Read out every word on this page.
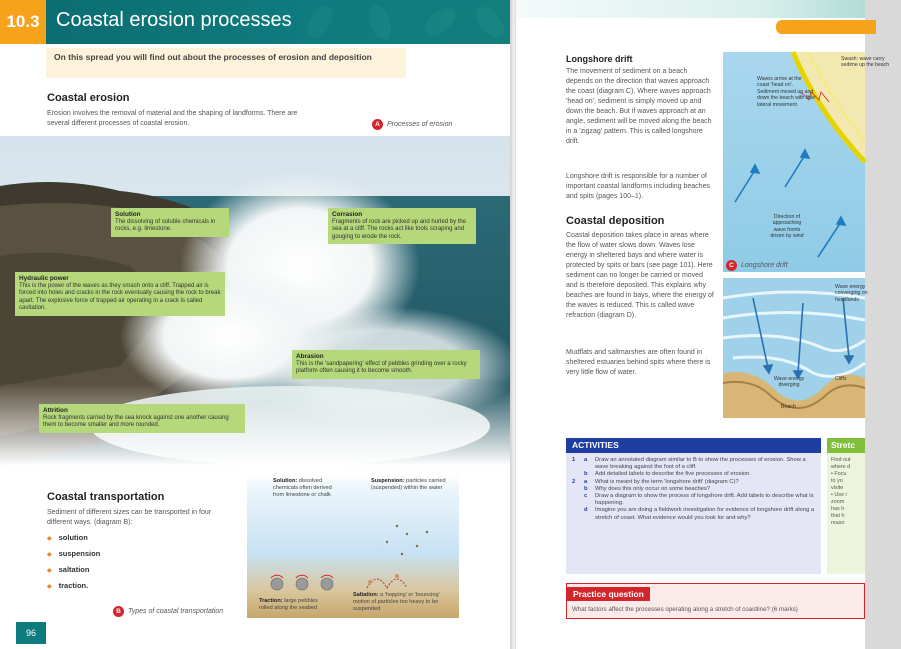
10.3 Coastal erosion processes
On this spread you will find out about the processes of erosion and deposition
Coastal erosion

Erosion involves the removal of material and the shaping of landforms. There are several different processes of coastal erosion.	A	Processes of erosion
Solution
The dissolving of soluble chemicals in rocks, e.g. limestone.
Corrasion
Fragments of rock are picked up and hurled by the sea at a cliff. The rocks act like tools scraping and gouging to erode the rock.
Hydraulic power
This is the power of the waves as they smash onto a cliff. Trapped air is forced into holes and cracks in the rock eventually causing the rock to break apart. The explosive force of trapped air operating in a crack is called cavitation.
Abrasion
This is the 'sandpapering' effect of pebbles grinding over a rocky platform often causing it to become smooth.
Attrition
Rock fragments carried by the sea knock against one another causing them to become smaller and more rounded.
Coastal transportation

Sediment of different sizes can be transported in four different ways. (diagram B):

◆ solution
◆ suspension
◆ saltation
◆ traction.
Solution: dissolved chemicals often derived from limestone or chalk
Suspension: particles carried (suspended) within the water
Saltation: a 'hopping' or 'bouncing' motion of particles too heavy to be suspended
Traction: large pebbles rolled along the seabed
B	Types of coastal transportation
96
Longshore drift

The movement of sediment on a beach depends on the direction that waves approach the coast (diagram C). Where waves approach 'head on', sediment is simply moved up and down the beach. But if waves approach at an angle, sediment will be moved along the beach in a 'zigzag' pattern. This is called longshore drift.

Longshore drift is responsible for a number of important coastal landforms including beaches and spits (pages 100–1).

Coastal deposition

Coastal deposition takes place in areas where the flow of water slows down. Waves lose energy in sheltered bays and where water is protected by spits or bars (see page 101). Here sediment can no longer be carried or moved and is therefore deposited. This explains why beaches are found in bays, where the energy of the waves is reduced. This is called wave refraction (diagram D).

Mudflats and saltmarshes are often found in sheltered estuaries behind spits where there is very little flow of water.

Waves arrive at the coast 'head on'. Sediment moved up and down the beach with little lateral movement.
Direction of approaching wave fronts driven by wind
Swash: wave carry sedime up the beach
C	Longshore drift
Wave energy converging on headlands
Wave energy diverging
Cliffs
Beach
ACTIVITIES
1	a	Draw an annotated diagram similar to B to show the processes of erosion. Show a wave breaking against the foot of a cliff.
b	Add detailed labels to describe the five processes of erosion.
2	a	What is meant by the term 'longshore drift' (diagram C)?
b	Why does this only occur on some beaches?
c	Draw a diagram to show the process of longshore drift. Add labels to describe what is happening.
d	Imagine you are doing a fieldwork investigation for evidence of longshore drift along a stretch of coast. What evidence would you look for and why?
Stretc
Find out
where d
• Focu
to yo
visite
• Use i
zoom
has h
that h
reaso
Practice question
What factors affect the processes operating along a stretch of coastline? (6 marks)
